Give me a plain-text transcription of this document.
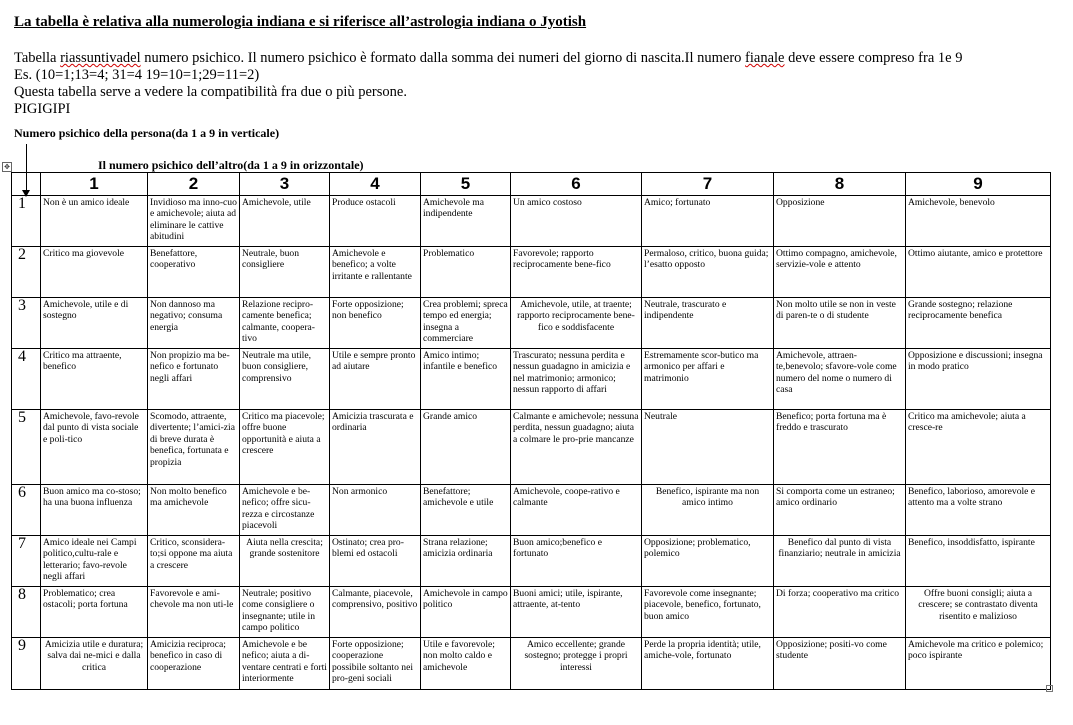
La tabella è relativa alla numerologia indiana e si riferisce all’astrologia indiana o Jyotish
Tabella riassuntivadel numero psichico. Il numero psichico è formato dalla somma dei numeri del giorno di nascita.Il numero fianale deve essere compreso fra 1e 9
Es. (10=1;13=4; 31=4 19=10=1;29=11=2)
Questa tabella serve a vedere la compatibilità fra due o più persone.
PIGIGIPI
Numero psichico della persona(da 1 a 9 in verticale)
✥	Il numero psichico dell’altro(da 1 a 9 in orizzontale)
	1	2	3	4	5	6	7	8	9
1	Non è un amico ideale	Invidioso ma inno-cuo e amichevole; aiuta ad eliminare le cattive abitudini	Amichevole, utile	Produce ostacoli	Amichevole ma indipendente	Un amico costoso	Amico; fortunato	Opposizione	Amichevole, benevolo
2	Critico ma giovevole	Benefattore, cooperativo	Neutrale, buon consigliere	Amichevole e benefico; a volte irritante e rallentante	Problematico	Favorevole; rapporto reciprocamente bene-fico	Permaloso, critico, buona guida; l’esatto opposto	Ottimo compagno, amichevole, servizie-vole e attento	Ottimo aiutante, amico e protettore
3	Amichevole, utile e di sostegno	Non dannoso ma negativo; consuma energia	Relazione recipro-camente benefica; calmante, coopera-tivo	Forte opposizione; non benefico	Crea problemi; spreca tempo ed energia; insegna a commerciare	Amichevole, utile, at traente; rapporto reciprocamente bene-fico e soddisfacente	Neutrale, trascurato e indipendente	Non molto utile se non in veste di paren-te o di studente	Grande sostegno; relazione reciprocamente benefica
4	Critico ma attraente, benefico	Non propizio ma be-nefico e fortunato negli affari	Neutrale ma utile, buon consigliere, comprensivo	Utile e sempre pronto ad aiutare	Amico intimo; infantile e benefico	Trascurato; nessuna perdita e nessun guadagno in amicizia e nel matrimonio; armonico; nessun rapporto di affari	Estremamente scor-butico ma armonico per affari e matrimonio	Amichevole, attraen-te,benevolo; sfavore-vole come numero del nome o numero di casa	Opposizione e discussioni; insegna in modo pratico
5	Amichevole, favo-revole dal punto di vista sociale e poli-tico	Scomodo, attraente, divertente; l’amici-zia di breve durata è benefica, fortunata e propizia	Critico ma piacevole; offre buone opportunità e aiuta a crescere	Amicizia trascurata e ordinaria	Grande amico	Calmante e amichevole; nessuna perdita, nessun guadagno; aiuta a colmare le pro-prie mancanze	Neutrale	Benefico; porta fortuna ma è freddo e trascurato	Critico ma amichevole; aiuta a cresce-re
6	Buon amico ma co-stoso; ha una buona influenza	Non molto benefico ma amichevole	Amichevole e be-nefico; offre sicu-rezza e circostanze piacevoli	Non armonico	Benefattore; amichevole e utile	Amichevole, coope-rativo e calmante	Benefico, ispirante ma non amico intimo	Si comporta come un estraneo; amico ordinario	Benefico, laborioso, amorevole e attento ma a volte strano
7	Amico ideale nei Campi politico,cultu-rale e letterario; favo-revole negli affari	Critico, sconsidera-to;si oppone ma aiuta a crescere	Aiuta nella crescita; grande sostenitore	Ostinato; crea pro-blemi ed ostacoli	Strana relazione; amicizia ordinaria	Buon amico;benefico e fortunato	Opposizione; problematico, polemico	Benefico dal punto di vista finanziario; neutrale in amicizia	Benefico, insoddisfatto, ispirante
8	Problematico; crea ostacoli; porta fortuna	Favorevole e ami-chevole ma non uti-le	Neutrale; positivo come consigliere o insegnante; utile in campo politico	Calmante, piacevole, comprensivo, positivo	Amichevole in campo politico	Buoni amici; utile, ispirante, attraente, at-tento	Favorevole come insegnante; piacevole, benefico, fortunato, buon amico	Di forza; cooperativo ma critico	Offre buoni consigli; aiuta a crescere; se contrastato diventa risentito e malizioso
9	Amicizia utile e duratura; salva dai ne-mici e dalla critica	Amicizia reciproca; benefico in caso di cooperazione	Amichevole e be nefico; aiuta a di-ventare centrati e forti interiormente	Forte opposizione; cooperazione possibile soltanto nei pro-geni sociali	Utile e favorevole; non molto caldo e amichevole	Amico eccellente; grande sostegno; protegge i propri interessi	Perde la propria identità; utile, amiche-vole, fortunato	Opposizione; positi-vo come studente	Amichevole ma critico e polemico; poco ispirante
